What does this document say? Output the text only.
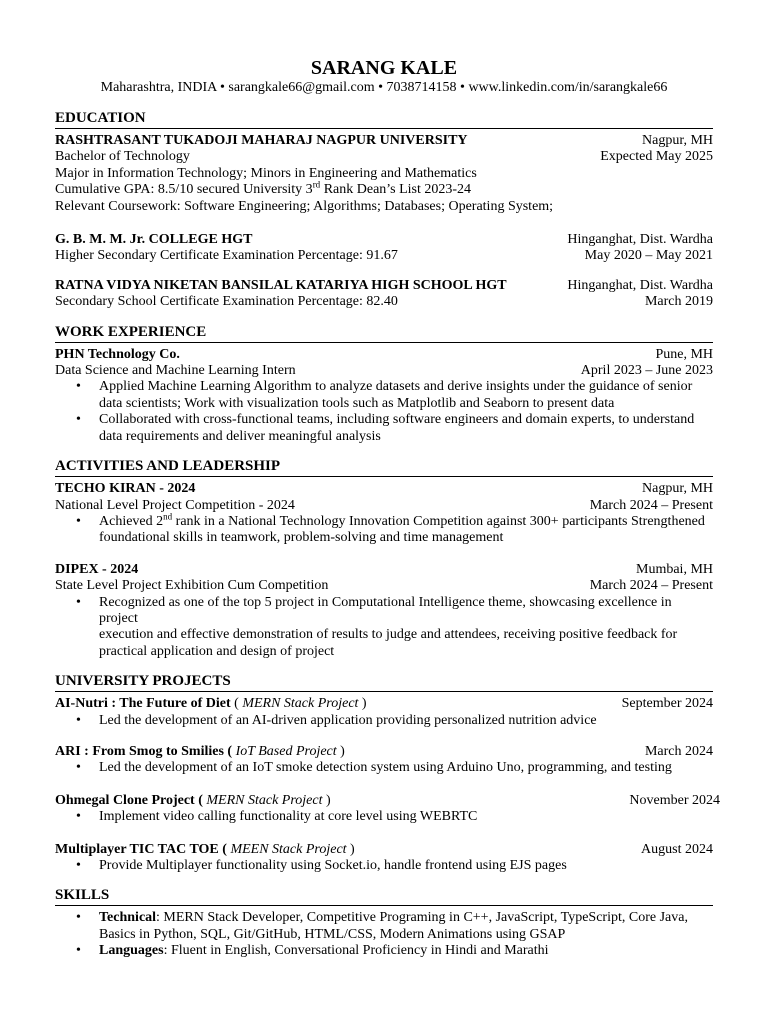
SARANG KALE
Maharashtra, INDIA • sarangkale66@gmail.com • 7038714158 • www.linkedin.com/in/sarangkale66
EDUCATION
RASHTRASANT TUKADOJI MAHARAJ NAGPUR UNIVERSITY	Nagpur, MH
Bachelor of Technology	Expected May 2025
Major in Information Technology; Minors in Engineering and Mathematics
Cumulative GPA: 8.5/10 secured University 3rd Rank Dean’s List 2023-24
Relevant Coursework: Software Engineering; Algorithms; Databases; Operating System;
G. B. M. M. Jr. COLLEGE HGT	Hinganghat, Dist. Wardha
Higher Secondary Certificate Examination Percentage: 91.67	May 2020 – May 2021
RATNA VIDYA NIKETAN BANSILAL KATARIYA HIGH SCHOOL HGT	Hinganghat, Dist. Wardha
Secondary School Certificate Examination Percentage: 82.40	March 2019
WORK EXPERIENCE
PHN Technology Co.	Pune, MH
Data Science and Machine Learning Intern	April 2023 – June 2023
• Applied Machine Learning Algorithm to analyze datasets and derive insights under the guidance of senior
data scientists; Work with visualization tools such as Matplotlib and Seaborn to present data
• Collaborated with cross-functional teams, including software engineers and domain experts, to understand
data requirements and deliver meaningful analysis
ACTIVITIES AND LEADERSHIP
TECHO KIRAN - 2024	Nagpur, MH
National Level Project Competition - 2024	March 2024 – Present
• Achieved 2nd rank in a National Technology Innovation Competition against 300+ participants Strengthened
foundational skills in teamwork, problem-solving and time management
DIPEX - 2024	Mumbai, MH
State Level Project Exhibition Cum Competition	March 2024 – Present
• Recognized as one of the top 5 project in Computational Intelligence theme, showcasing excellence in project
execution and effective demonstration of results to judge and attendees, receiving positive feedback for
practical application and design of project
UNIVERSITY PROJECTS
AI-Nutri : The Future of Diet ( MERN Stack Project )	September 2024
• Led the development of an AI-driven application providing personalized nutrition advice
ARI : From Smog to Smilies ( IoT Based Project )	March 2024
• Led the development of an IoT smoke detection system using Arduino Uno, programming, and testing
Ohmegal Clone Project ( MERN Stack Project )	November 2024
• Implement video calling functionality at core level using WEBRTC
Multiplayer TIC TAC TOE ( MEEN Stack Project )	August 2024
• Provide Multiplayer functionality using Socket.io, handle frontend using EJS pages
SKILLS
• Technical: MERN Stack Developer, Competitive Programing in C++, JavaScript, TypeScript, Core Java,
Basics in Python, SQL, Git/GitHub, HTML/CSS, Modern Animations using GSAP
• Languages: Fluent in English, Conversational Proficiency in Hindi and Marathi
